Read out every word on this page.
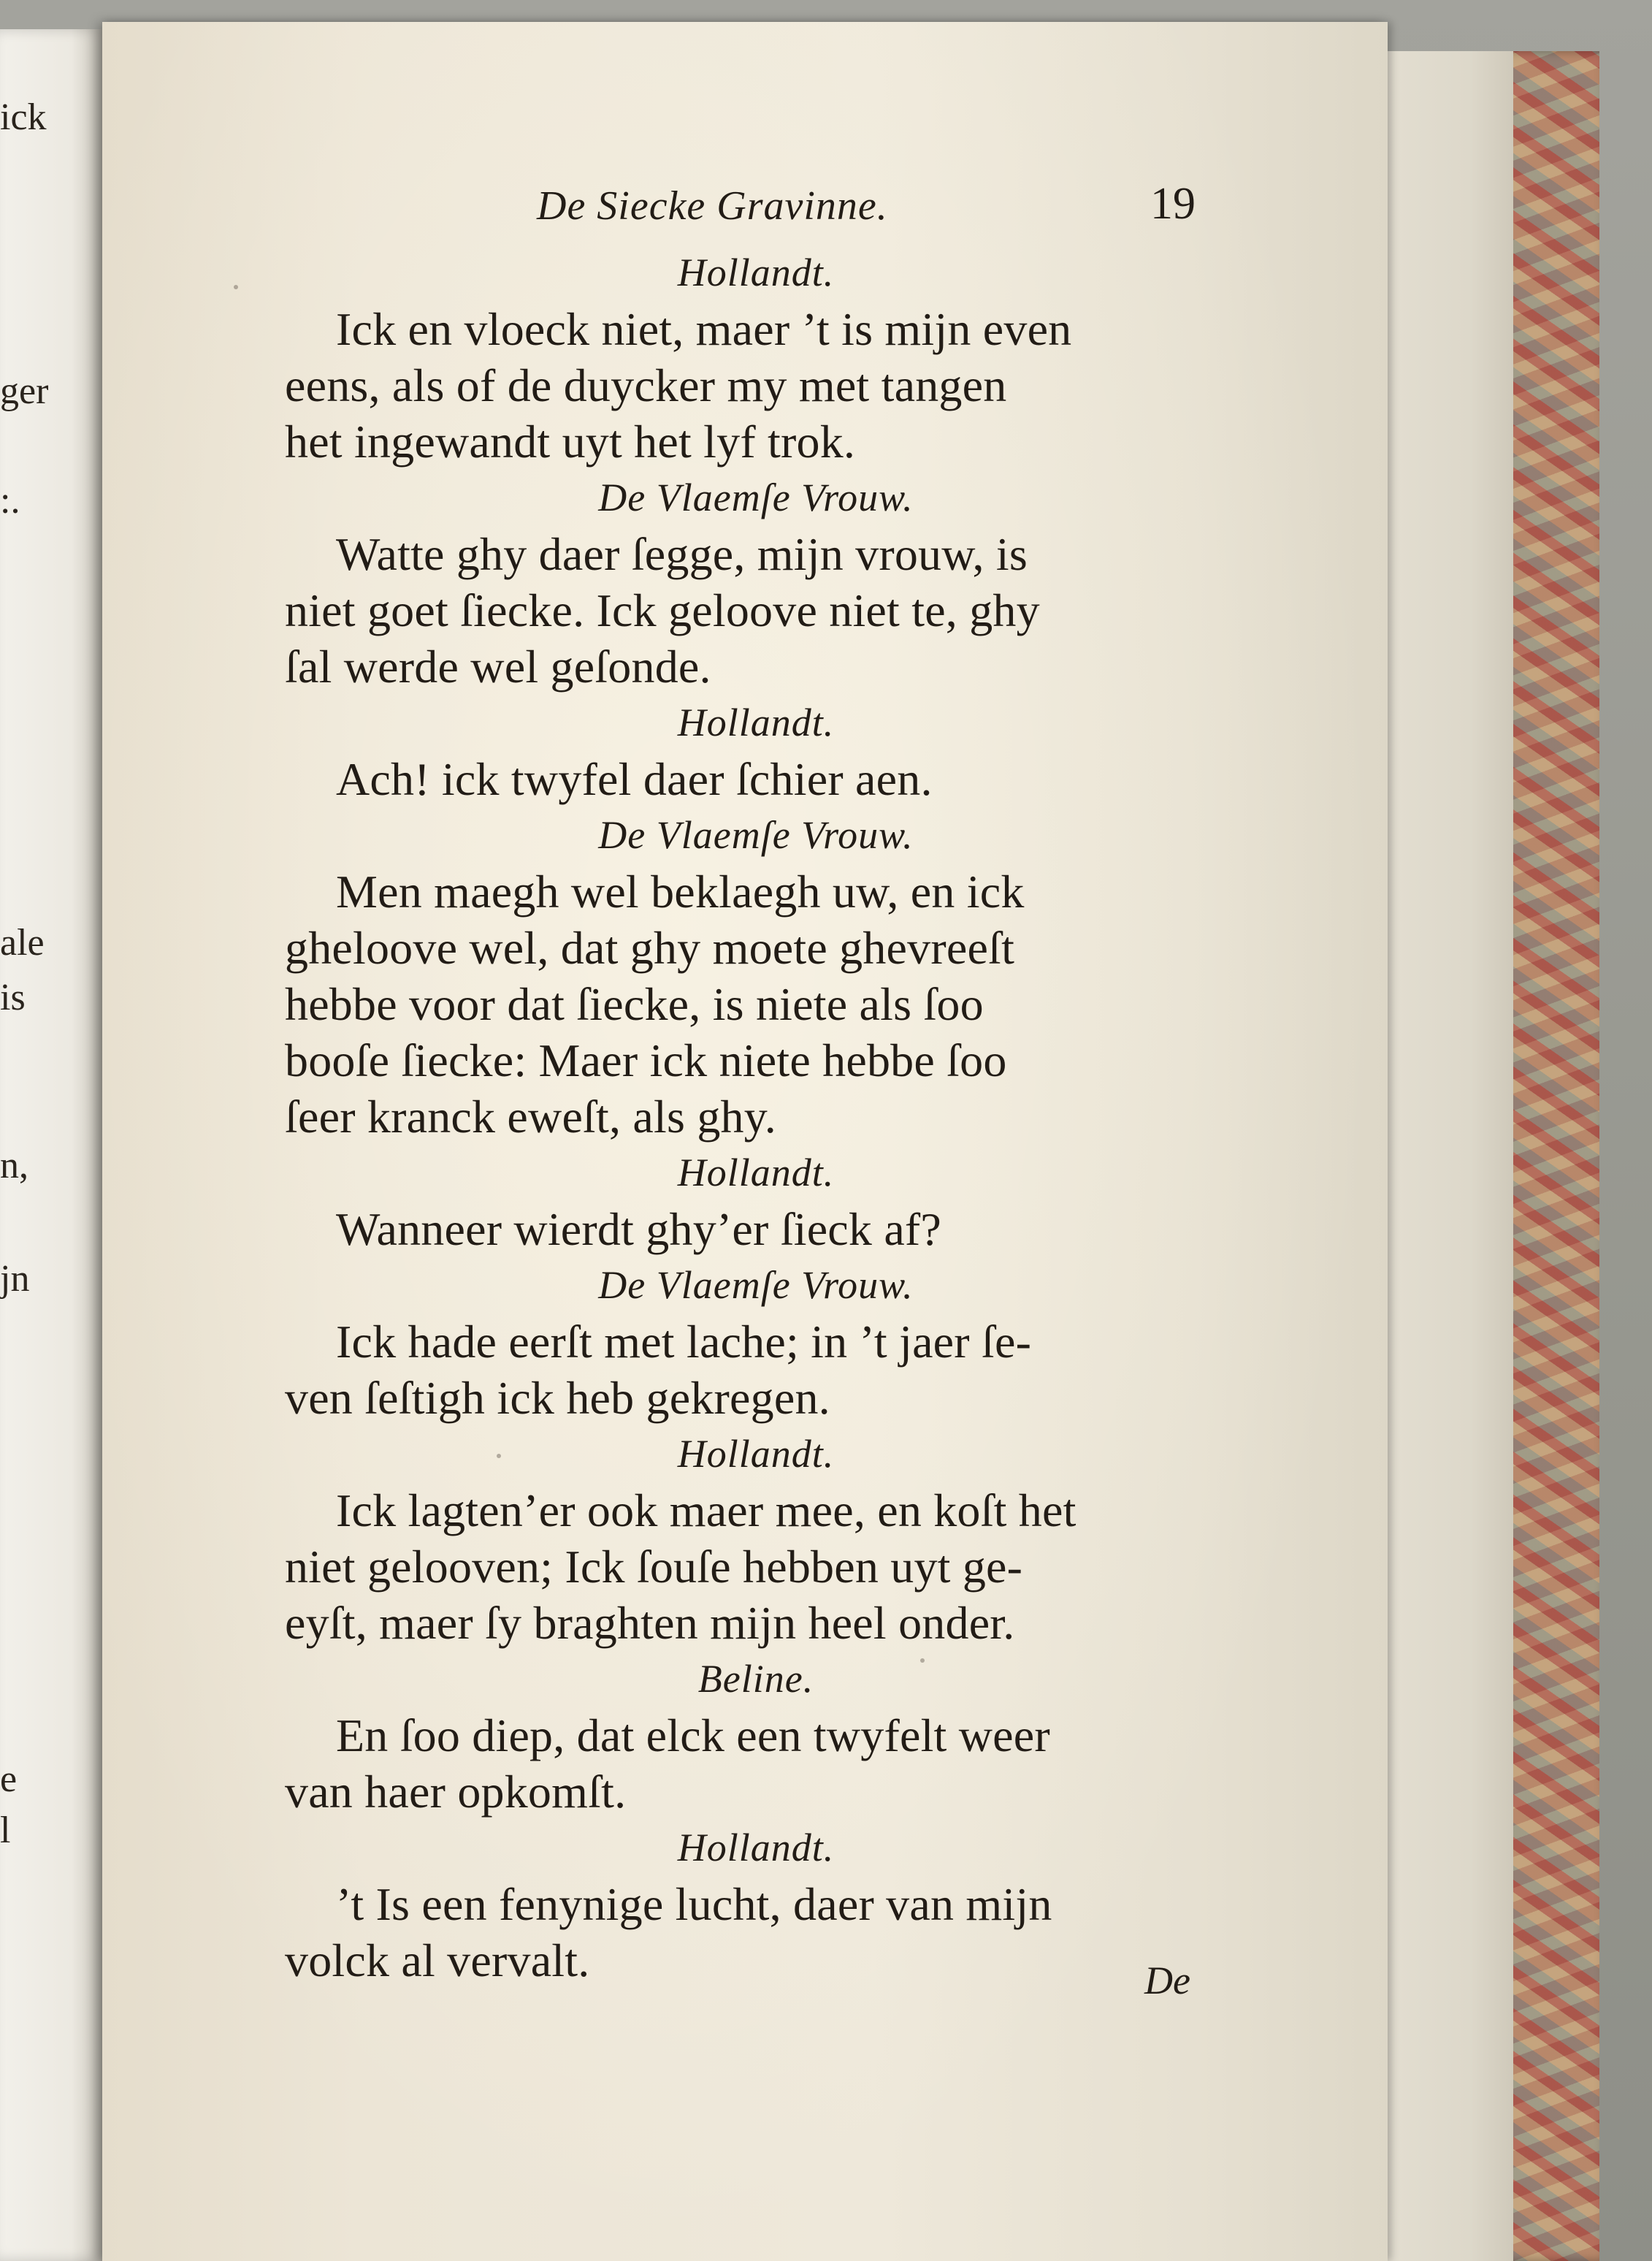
ick
ger
:.
ale
is
n,
jn
e
l
De Siecke Gravinne.	19
Hollandt.
Ick en vloeck niet, maer ’t is mijn even
eens, als of de duycker my met tangen
het ingewandt uyt het lyf trok.
De Vlaemſe Vrouw.
Watte ghy daer ſegge, mijn vrouw, is
niet goet ſiecke. Ick geloove niet te, ghy
ſal werde wel geſonde.
Hollandt.
Ach! ick twyfel daer ſchier aen.
De Vlaemſe Vrouw.
Men maegh wel beklaegh uw, en ick
gheloove wel, dat ghy moete ghevreeſt
hebbe voor dat ſiecke, is niete als ſoo
booſe ſiecke: Maer ick niete hebbe ſoo
ſeer kranck eweſt, als ghy.
Hollandt.
Wanneer wierdt ghy’er ſieck af?
De Vlaemſe Vrouw.
Ick hade eerſt met lache; in ’t jaer ſe-
ven ſeſtigh ick heb gekregen.
Hollandt.
Ick lagten’er ook maer mee, en koſt het
niet gelooven; Ick ſouſe hebben uyt ge-
eyſt, maer ſy braghten mijn heel onder.
Beline.
En ſoo diep, dat elck een twyfelt weer
van haer opkomſt.
Hollandt.
’t Is een fenynige lucht, daer van mijn
volck al vervalt.	De
